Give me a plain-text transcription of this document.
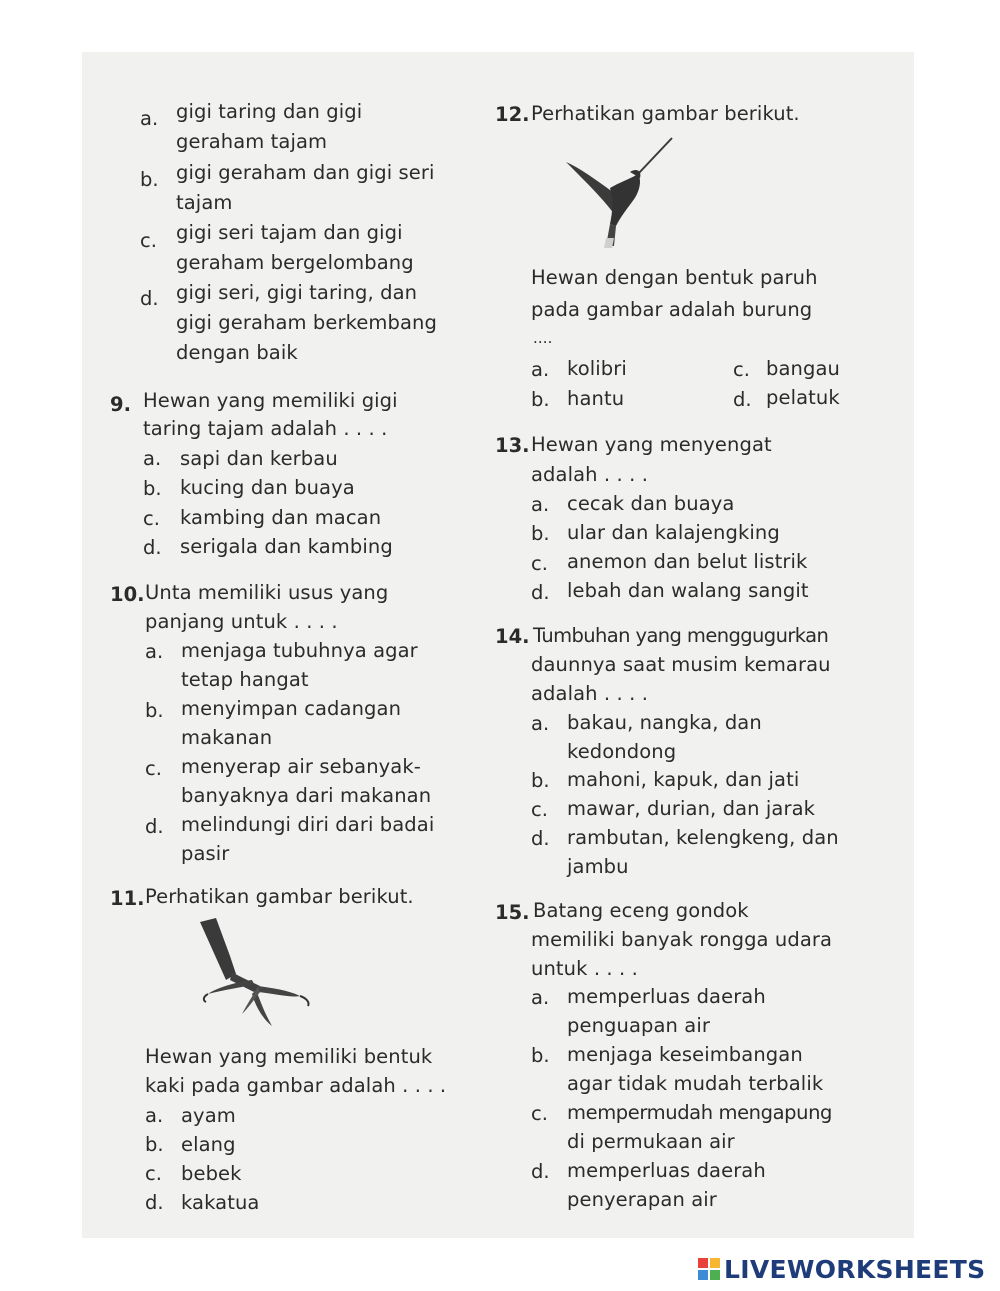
a. gigi taring dan gigi
geraham tajam
b. gigi geraham dan gigi seri
tajam
c. gigi seri tajam dan gigi
geraham bergelombang
d. gigi seri, gigi taring, dan
gigi geraham berkembang
dengan baik
9. Hewan yang memiliki gigi
taring tajam adalah . . . .
a. sapi dan kerbau
b. kucing dan buaya
c. kambing dan macan
d. serigala dan kambing
10. Unta memiliki usus yang
panjang untuk . . . .
a. menjaga tubuhnya agar
tetap hangat
b. menyimpan cadangan
makanan
c. menyerap air sebanyak-
banyaknya dari makanan
d. melindungi diri dari badai
pasir
11. Perhatikan gambar berikut.
Hewan yang memiliki bentuk
kaki pada gambar adalah . . . .
a. ayam
b. elang
c. bebek
d. kakatua
12. Perhatikan gambar berikut.
Hewan dengan bentuk paruh
pada gambar adalah burung
....
a. kolibri	c. bangau
b. hantu	d. pelatuk
13. Hewan yang menyengat
adalah . . . .
a. cecak dan buaya
b. ular dan kalajengking
c. anemon dan belut listrik
d. lebah dan walang sangit
14. Tumbuhan yang menggugurkan
daunnya saat musim kemarau
adalah . . . .
a. bakau, nangka, dan
kedondong
b. mahoni, kapuk, dan jati
c. mawar, durian, dan jarak
d. rambutan, kelengkeng, dan
jambu
15. Batang eceng gondok
memiliki banyak rongga udara
untuk . . . .
a. memperluas daerah
penguapan air
b. menjaga keseimbangan
agar tidak mudah terbalik
c. mempermudah mengapung
di permukaan air
d. memperluas daerah
penyerapan air
LIVEWORKSHEETS
